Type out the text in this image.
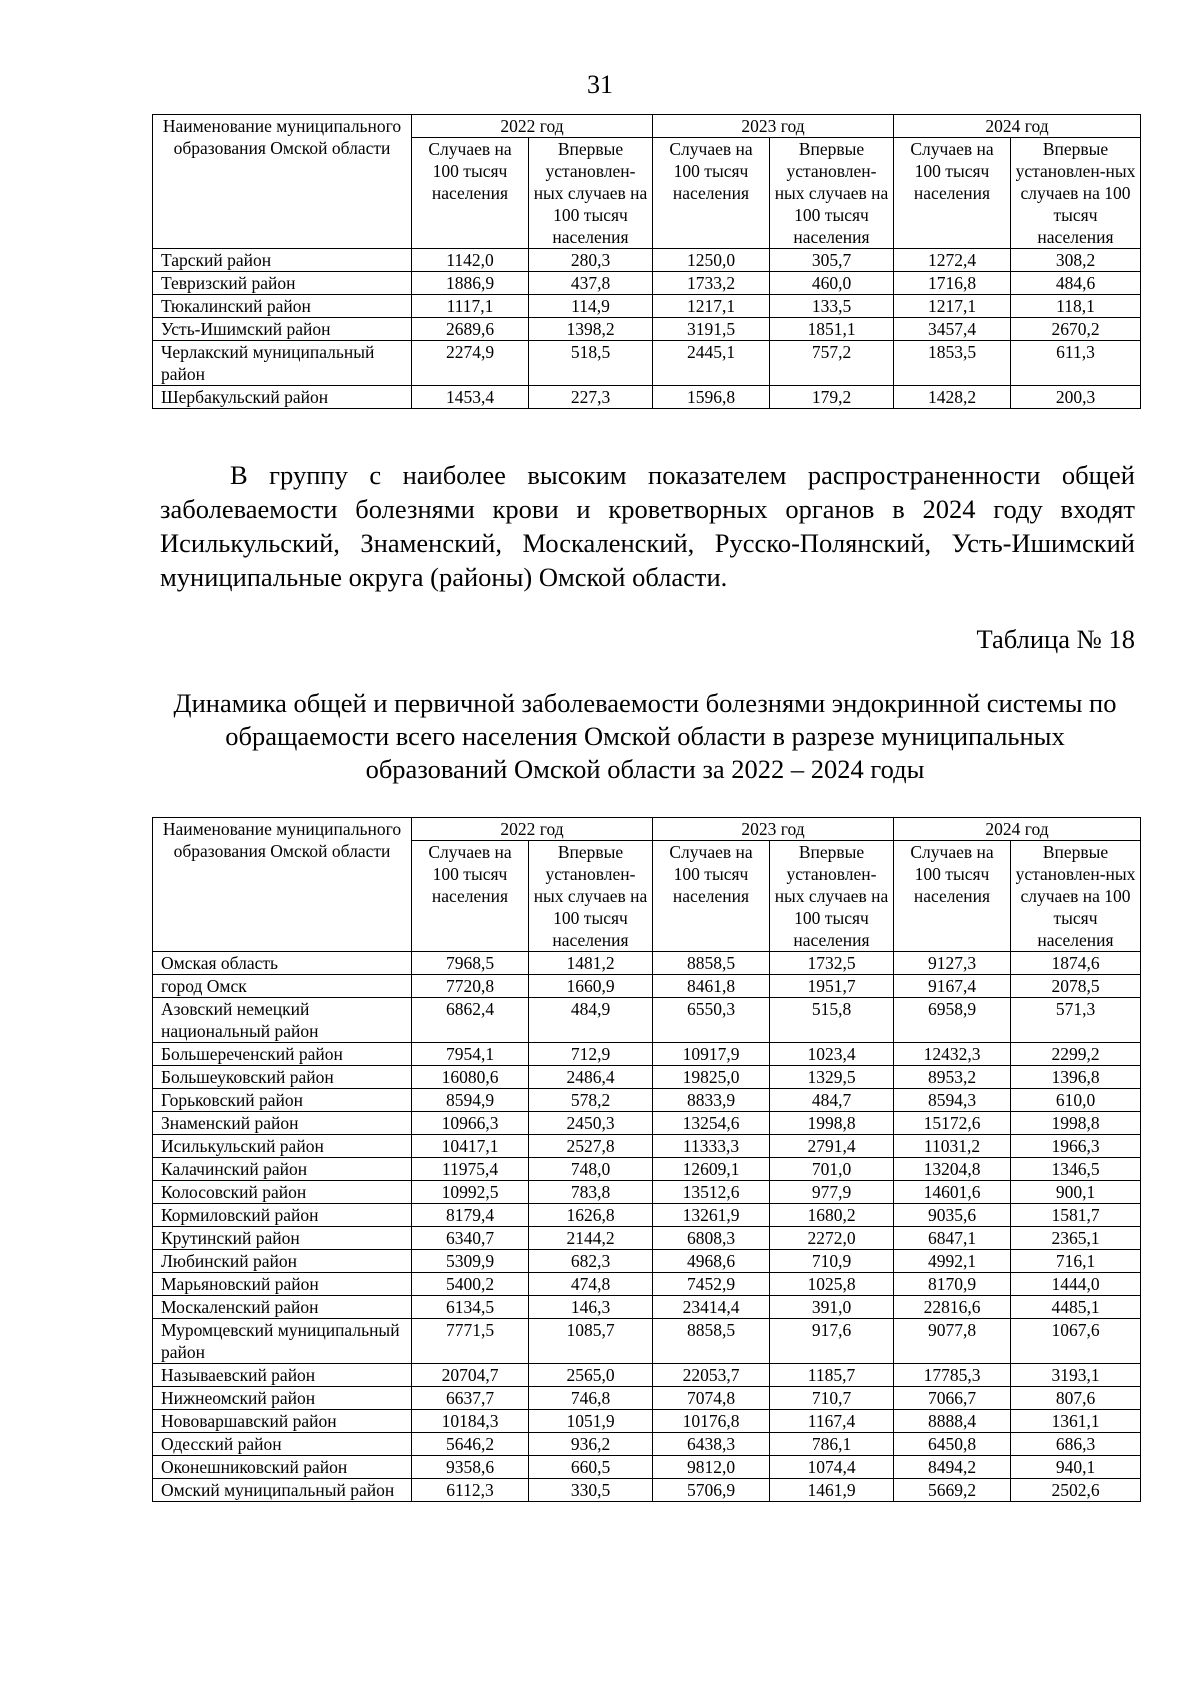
31
Наименование муниципального образования Омской области	2022 год		2023 год		2024 год	
	Случаев на 100 тысяч населения	Впервые установлен-ных случаев на 100 тысяч населения	Случаев на 100 тысяч населения	Впервые установлен-ных случаев на 100 тысяч населения	Случаев на 100 тысяч населения	Впервые установлен-ных случаев на 100 тысяч населения
Тарский район	1142,0	280,3	1250,0	305,7	1272,4	308,2
Тевризский район	1886,9	437,8	1733,2	460,0	1716,8	484,6
Тюкалинский район	1117,1	114,9	1217,1	133,5	1217,1	118,1
Усть-Ишимский район	2689,6	1398,2	3191,5	1851,1	3457,4	2670,2
Черлакский муниципальный район	2274,9	518,5	2445,1	757,2	1853,5	611,3
Шербакульский район	1453,4	227,3	1596,8	179,2	1428,2	200,3

В группу с наиболее высоким показателем распространенности общей заболеваемости болезнями крови и кроветворных органов в 2024 году входят Исилькульский, Знаменский, Москаленский, Русско-Полянский, Усть-Ишимский муниципальные округа (районы) Омской области.

Таблица № 18
Динамика общей и первичной заболеваемости болезнями эндокринной системы по обращаемости всего населения Омской области в разрезе муниципальных образований Омской области за 2022 – 2024 годы
Наименование муниципального образования Омской области	2022 год		2023 год		2024 год	
	Случаев на 100 тысяч населения	Впервые установлен-ных случаев на 100 тысяч населения	Случаев на 100 тысяч населения	Впервые установлен-ных случаев на 100 тысяч населения	Случаев на 100 тысяч населения	Впервые установлен-ных случаев на 100 тысяч населения
Омская область	7968,5	1481,2	8858,5	1732,5	9127,3	1874,6
город Омск	7720,8	1660,9	8461,8	1951,7	9167,4	2078,5
Азовский немецкий национальный район	6862,4	484,9	6550,3	515,8	6958,9	571,3
Большереченский район	7954,1	712,9	10917,9	1023,4	12432,3	2299,2
Большеуковский район	16080,6	2486,4	19825,0	1329,5	8953,2	1396,8
Горьковский район	8594,9	578,2	8833,9	484,7	8594,3	610,0
Знаменский район	10966,3	2450,3	13254,6	1998,8	15172,6	1998,8
Исилькульский район	10417,1	2527,8	11333,3	2791,4	11031,2	1966,3
Калачинский район	11975,4	748,0	12609,1	701,0	13204,8	1346,5
Колосовский район	10992,5	783,8	13512,6	977,9	14601,6	900,1
Кормиловский район	8179,4	1626,8	13261,9	1680,2	9035,6	1581,7
Крутинский район	6340,7	2144,2	6808,3	2272,0	6847,1	2365,1
Любинский район	5309,9	682,3	4968,6	710,9	4992,1	716,1
Марьяновский район	5400,2	474,8	7452,9	1025,8	8170,9	1444,0
Москаленский район	6134,5	146,3	23414,4	391,0	22816,6	4485,1
Муромцевский муниципальный район	7771,5	1085,7	8858,5	917,6	9077,8	1067,6
Называевский район	20704,7	2565,0	22053,7	1185,7	17785,3	3193,1
Нижнеомский район	6637,7	746,8	7074,8	710,7	7066,7	807,6
Нововаршавский район	10184,3	1051,9	10176,8	1167,4	8888,4	1361,1
Одесский район	5646,2	936,2	6438,3	786,1	6450,8	686,3
Оконешниковский район	9358,6	660,5	9812,0	1074,4	8494,2	940,1
Омский муниципальный район	6112,3	330,5	5706,9	1461,9	5669,2	2502,6
